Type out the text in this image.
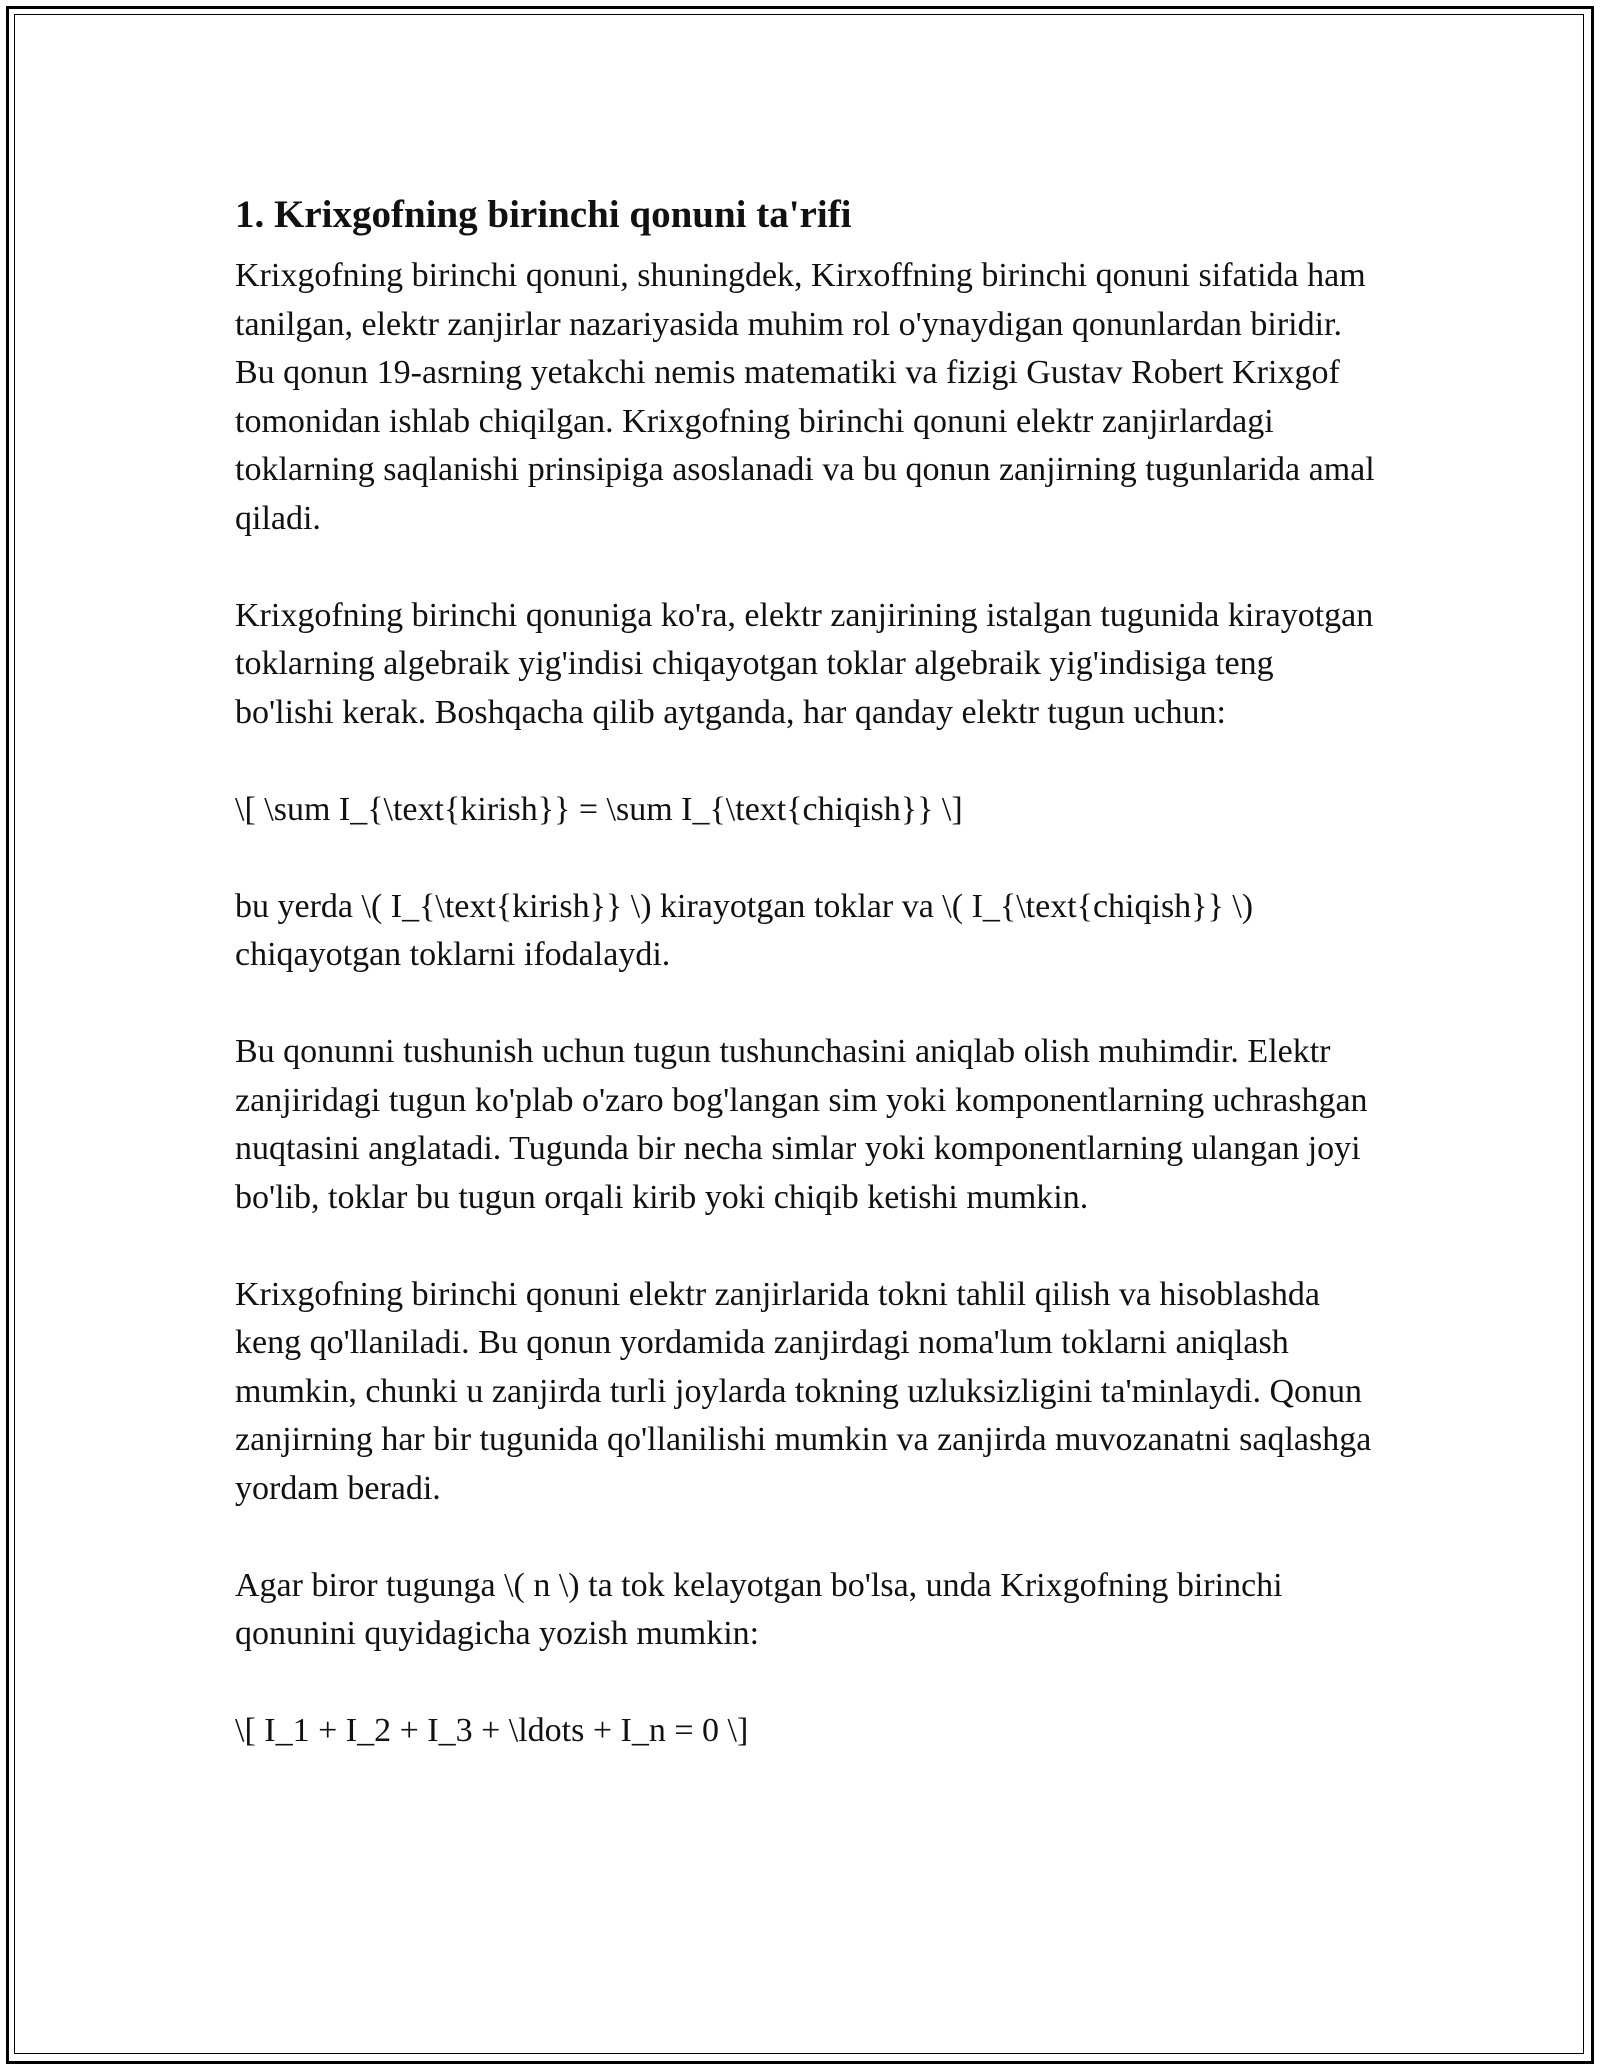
1. Krixgofning birinchi qonuni ta'rifi

Krixgofning birinchi qonuni, shuningdek, Kirxoffning birinchi qonuni sifatida ham tanilgan, elektr zanjirlar nazariyasida muhim rol o'ynaydigan qonunlardan biridir. Bu qonun 19-asrning yetakchi nemis matematiki va fizigi Gustav Robert Krixgof tomonidan ishlab chiqilgan. Krixgofning birinchi qonuni elektr zanjirlardagi toklarning saqlanishi prinsipiga asoslanadi va bu qonun zanjirning tugunlarida amal qiladi.

Krixgofning birinchi qonuniga ko'ra, elektr zanjirining istalgan tugunida kirayotgan toklarning algebraik yig'indisi chiqayotgan toklar algebraik yig'indisiga teng bo'lishi kerak. Boshqacha qilib aytganda, har qanday elektr tugun uchun:

\[ \sum I_{\text{kirish}} = \sum I_{\text{chiqish}} \]

bu yerda \( I_{\text{kirish}} \) kirayotgan toklar va \( I_{\text{chiqish}} \) chiqayotgan toklarni ifodalaydi.

Bu qonunni tushunish uchun tugun tushunchasini aniqlab olish muhimdir. Elektr zanjiridagi tugun ko'plab o'zaro bog'langan sim yoki komponentlarning uchrashgan nuqtasini anglatadi. Tugunda bir necha simlar yoki komponentlarning ulangan joyi bo'lib, toklar bu tugun orqali kirib yoki chiqib ketishi mumkin.

Krixgofning birinchi qonuni elektr zanjirlarida tokni tahlil qilish va hisoblashda keng qo'llaniladi. Bu qonun yordamida zanjirdagi noma'lum toklarni aniqlash mumkin, chunki u zanjirda turli joylarda tokning uzluksizligini ta'minlaydi. Qonun zanjirning har bir tugunida qo'llanilishi mumkin va zanjirda muvozanatni saqlashga yordam beradi.

Agar biror tugunga \( n \) ta tok kelayotgan bo'lsa, unda Krixgofning birinchi qonunini quyidagicha yozish mumkin:

\[ I_1 + I_2 + I_3 + \ldots + I_n = 0 \]
